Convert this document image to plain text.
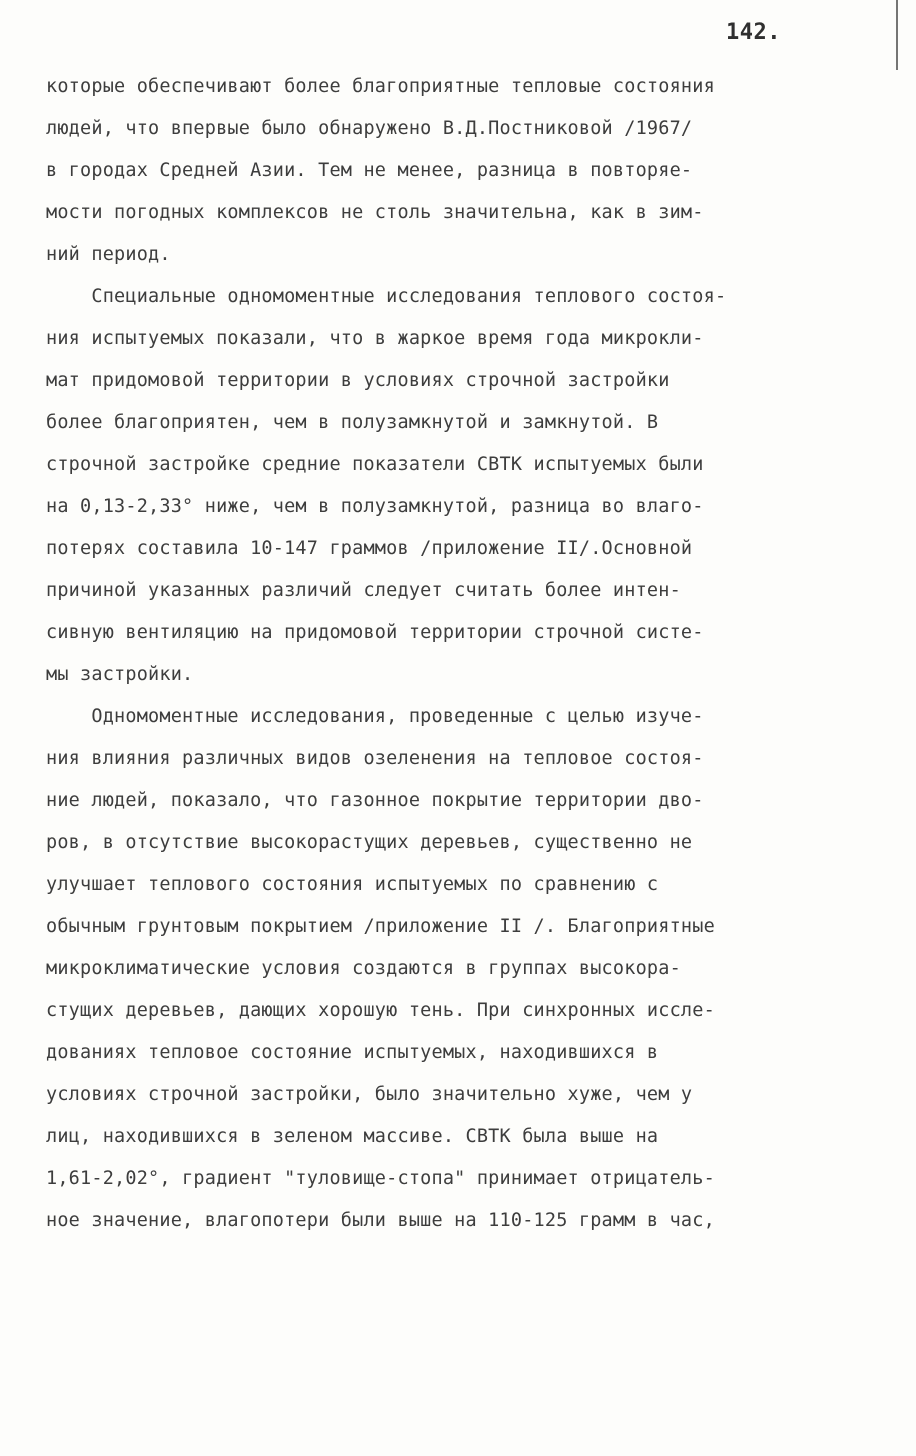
142.
которые обеспечивают более благоприятные тепловые состояния
людей, что впервые было обнаружено В.Д.Постниковой /1967/
в городах Средней Азии. Тем не менее, разница в повторяе-
мости погодных комплексов не столь значительна, как в зим-
ний период.
Специальные одномоментные исследования теплового состоя-
ния испытуемых показали, что в жаркое время года микрокли-
мат придомовой территории в условиях строчной застройки
более благоприятен, чем в полузамкнутой и замкнутой. В
строчной застройке средние показатели СВТК испытуемых были
на 0,13-2,33° ниже, чем в полузамкнутой, разница во влаго-
потерях составила 10-147 граммов /приложение II/.Основной
причиной указанных различий следует считать более интен-
сивную вентиляцию на придомовой территории строчной систе-
мы застройки.
Одномоментные исследования, проведенные с целью изуче-
ния влияния различных видов озеленения на тепловое состоя-
ние людей, показало, что газонное покрытие территории дво-
ров, в отсутствие высокорастущих деревьев, существенно не
улучшает теплового состояния испытуемых по сравнению с
обычным грунтовым покрытием /приложение II /. Благоприятные
микроклиматические условия создаются в группах высокора-
стущих деревьев, дающих хорошую тень. При синхронных иссле-
дованиях тепловое состояние испытуемых, находившихся в
условиях строчной застройки, было значительно хуже, чем у
лиц, находившихся в зеленом массиве. СВТК была выше на
1,61-2,02°, градиент "туловище-стопа" принимает отрицатель-
ное значение, влагопотери были выше на 110-125 грамм в час,
